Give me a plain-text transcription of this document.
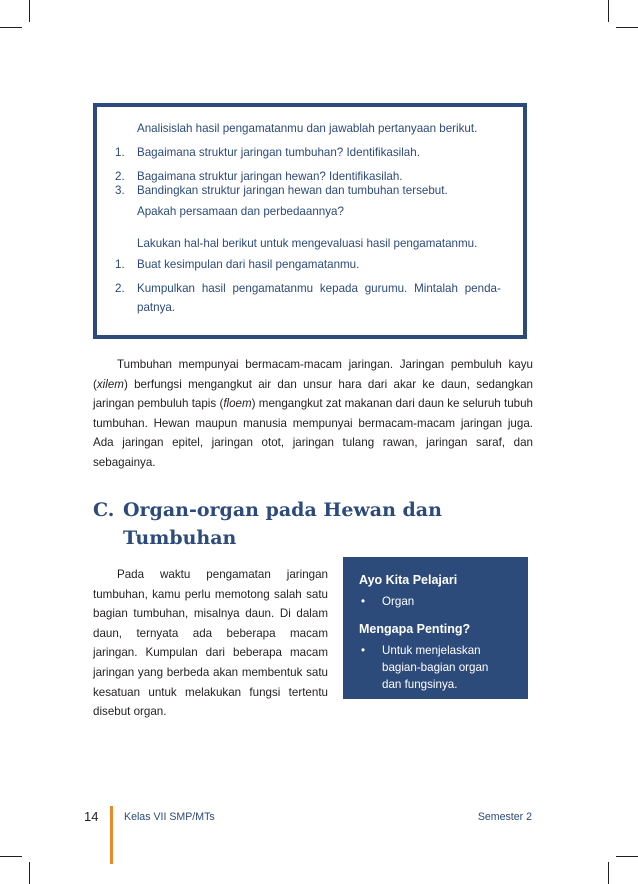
Analisislah hasil pengamatanmu dan jawablah pertanyaan berikut.
1. Bagaimana struktur jaringan tumbuhan? Identifikasilah.
2. Bagaimana struktur jaringan hewan? Identifikasilah.
3. Bandingkan struktur jaringan hewan dan tumbuhan tersebut.
Apakah persamaan dan perbedaannya?
Lakukan hal-hal berikut untuk mengevaluasi hasil pengamatanmu.
1. Buat kesimpulan dari hasil pengamatanmu.
2. Kumpulkan hasil pengamatanmu kepada gurumu. Mintalah penda-
patnya.

Tumbuhan mempunyai bermacam-macam jaringan. Jaringan pembuluh kayu (xilem) berfungsi mengangkut air dan unsur hara dari akar ke daun, sedangkan jaringan pembuluh tapis (floem) mengangkut zat makanan dari daun ke seluruh tubuh tumbuhan. Hewan maupun manusia mempunyai bermacam-macam jaringan juga. Ada jaringan epitel, jaringan otot, jaringan tulang rawan, jaringan saraf, dan sebagainya.

C. Organ-organ pada Hewan dan
Tumbuhan

Pada waktu pengamatan jaringan tumbuhan, kamu perlu memotong salah satu bagian tumbuhan, misalnya daun. Di dalam daun, ternyata ada beberapa macam jaringan. Kumpulan dari beberapa macam jaringan yang berbeda akan membentuk satu kesatuan untuk melakukan fungsi tertentu disebut organ.

Ayo Kita Pelajari
• Organ
Mengapa Penting?
• Untuk menjelaskan bagian-bagian organ dan fungsinya.
14 Kelas VII SMP/MTs	Semester 2
